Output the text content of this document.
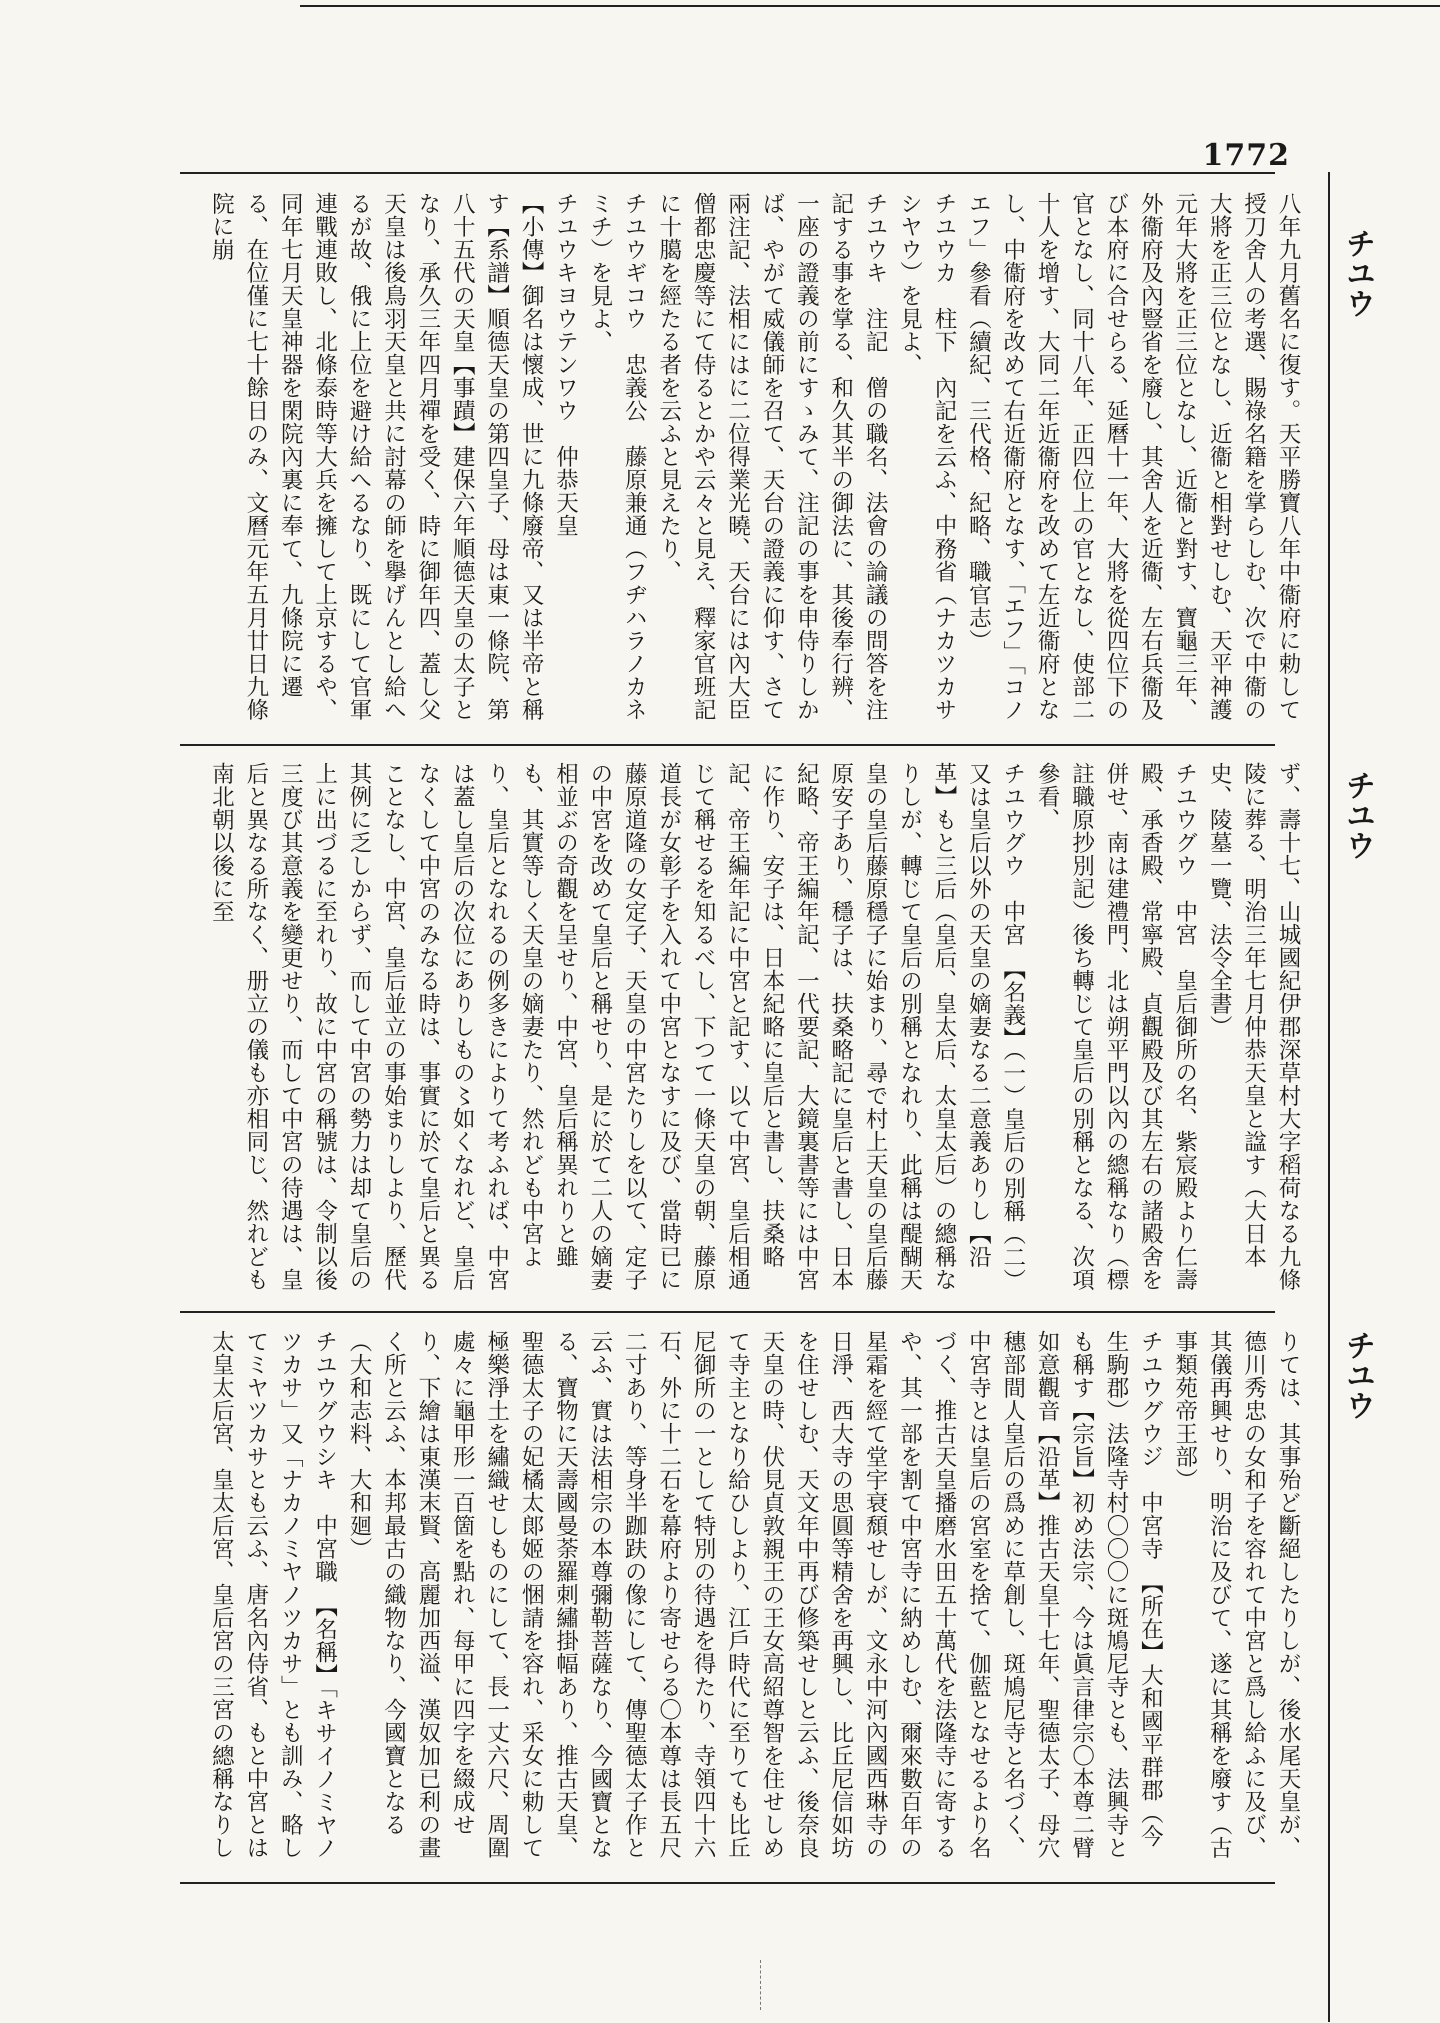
1772
チユウ
チユウ
チユウ
八年九月舊名に復す。天平勝寶八年中衞府に勅して授刀舍人の考選、賜祿名籍を掌らしむ、次で中衞の大將を正三位となし、近衞と相對せしむ、天平神護元年大將を正三位となし、近衞と對す、寶龜三年、外衞府及內豎省を廢し、其舍人を近衞、左右兵衞及び本府に合せらる、延曆十一年、大將を從四位下の官となし、同十八年、正四位上の官となし、使部二十人を增す、大同二年近衞府を改めて左近衞府となし、中衞府を改めて右近衞府となす、「エフ」「コノエフ」參看（續紀、三代格、紀略、職官志）
チユウカ　柱下　內記を云ふ、中務省（ナカツカサシヤウ）を見よ、
チユウキ　注記　僧の職名、法會の論議の問答を注記する事を掌る、和久其半の御法に、其後奉行辨、一座の證義の前にすゝみて、注記の事を申侍りしかば、やがて威儀師を召て、天台の證義に仰す、さて兩注記、法相にはに二位得業光曉、天台には內大臣僧都忠慶等にて侍るとかや云々と見え、釋家官班記に十臈を經たる者を云ふと見えたり、
チユウギコウ　忠義公　藤原兼通（フヂハラノカネミチ）を見よ、
チユウキヨウテンワウ　仲恭天皇
【小傳】御名は懷成、世に九條廢帝、又は半帝と稱す【系譜】順德天皇の第四皇子、母は東一條院、第八十五代の天皇【事蹟】建保六年順德天皇の太子となり、承久三年四月禪を受く、時に御年四、蓋し父天皇は後鳥羽天皇と共に討幕の師を擧げんとし給へるが故、俄に上位を避け給へるなり、既にして官軍連戰連敗し、北條泰時等大兵を擁して上京するや、同年七月天皇神器を閑院內裏に奉て、九條院に遷る、在位僅に七十餘日のみ、文曆元年五月廿日九條院に崩
ず、壽十七、山城國紀伊郡深草村大字稻荷なる九條陵に葬る、明治三年七月仲恭天皇と諡す（大日本史、陵墓一覽、法令全書）
チユウグウ　中宮　皇后御所の名、紫宸殿より仁壽殿、承香殿、常寧殿、貞觀殿及び其左右の諸殿舍を併せ、南は建禮門、北は朔平門以內の總稱なり（標註職原抄別記）後ち轉じて皇后の別稱となる、次項參看、
チユウグウ　中宮　【名義】（一）皇后の別稱（二）又は皇后以外の天皇の嫡妻なる二意義ありし【沿革】もと三后（皇后、皇太后、太皇太后）の總稱なりしが、轉じて皇后の別稱となれり、此稱は醍醐天皇の皇后藤原穩子に始まり、尋で村上天皇の皇后藤原安子あり、穩子は、扶桑略記に皇后と書し、日本紀略、帝王編年記、一代要記、大鏡裏書等には中宮に作り、安子は、日本紀略に皇后と書し、扶桑略記、帝王編年記に中宮と記す、以て中宮、皇后相通じて稱せるを知るべし、下つて一條天皇の朝、藤原道長が女彰子を入れて中宮となすに及び、當時已に藤原道隆の女定子、天皇の中宮たりしを以て、定子の中宮を改めて皇后と稱せり、是に於て二人の嫡妻相並ぶの奇觀を呈せり、中宮、皇后稱異れりと雖も、其實等しく天皇の嫡妻たり、然れども中宮より、皇后となれるの例多きによりて考ふれば、中宮は蓋し皇后の次位にありしもの〻如くなれど、皇后なくして中宮のみなる時は、事實に於て皇后と異ることなし、中宮、皇后並立の事始まりしより、歷代其例に乏しからず、而して中宮の勢力は却て皇后の上に出づるに至れり、故に中宮の稱號は、令制以後三度び其意義を變更せり、而して中宮の待遇は、皇后と異なる所なく、册立の儀も亦相同じ、然れども南北朝以後に至
りては、其事殆ど斷絕したりしが、後水尾天皇が、德川秀忠の女和子を容れて中宮と爲し給ふに及び、其儀再興せり、明治に及びて、遂に其稱を廢す（古事類苑帝王部）
チユウグウジ　中宮寺　【所在】大和國平群郡（今生駒郡）法隆寺村〇〇〇に斑鳩尼寺とも、法興寺とも稱す【宗旨】初め法宗、今は眞言律宗〇本尊二臂如意觀音【沿革】推古天皇十七年、聖德太子、母穴穗部間人皇后の爲めに草創し、斑鳩尼寺と名づく、中宮寺とは皇后の宮室を捨て、伽藍となせるより名づく、推古天皇播磨水田五十萬代を法隆寺に寄するや、其一部を割て中宮寺に納めしむ、爾來數百年の星霜を經て堂宇衰頹せしが、文永中河內國西琳寺の日淨、西大寺の思圓等精舍を再興し、比丘尼信如坊を住せしむ、天文年中再び修築せしと云ふ、後奈良天皇の時、伏見貞敦親王の王女高紹尊智を住せしめて寺主となり給ひしより、江戶時代に至りても比丘尼御所の一として特別の待遇を得たり、寺領四十六石、外に十二石を幕府より寄せらる〇本尊は長五尺二寸あり、等身半跏趺の像にして、傳聖德太子作と云ふ、實は法相宗の本尊彌勒菩薩なり、今國寶となる、寶物に天壽國曼荼羅刺繡掛幅あり、推古天皇、聖德太子の妃橘太郞姬の悃請を容れ、采女に勅して極樂淨土を繡織せしものにして、長一丈六尺、周圍處々に龜甲形一百箇を點れ、每甲に四字を綴成せり、下繪は東漢末賢、高麗加西溢、漢奴加已利の畫く所と云ふ、本邦最古の織物なり、今國寶となる（大和志料、大和廻）
チユウグウシキ　中宮職　【名稱】「キサイノミヤノツカサ」又「ナカノミヤノツカサ」とも訓み、略してミヤツカサとも云ふ、唐名內侍省、もと中宮とは太皇太后宮、皇太后宮、皇后宮の三宮の總稱なりし
